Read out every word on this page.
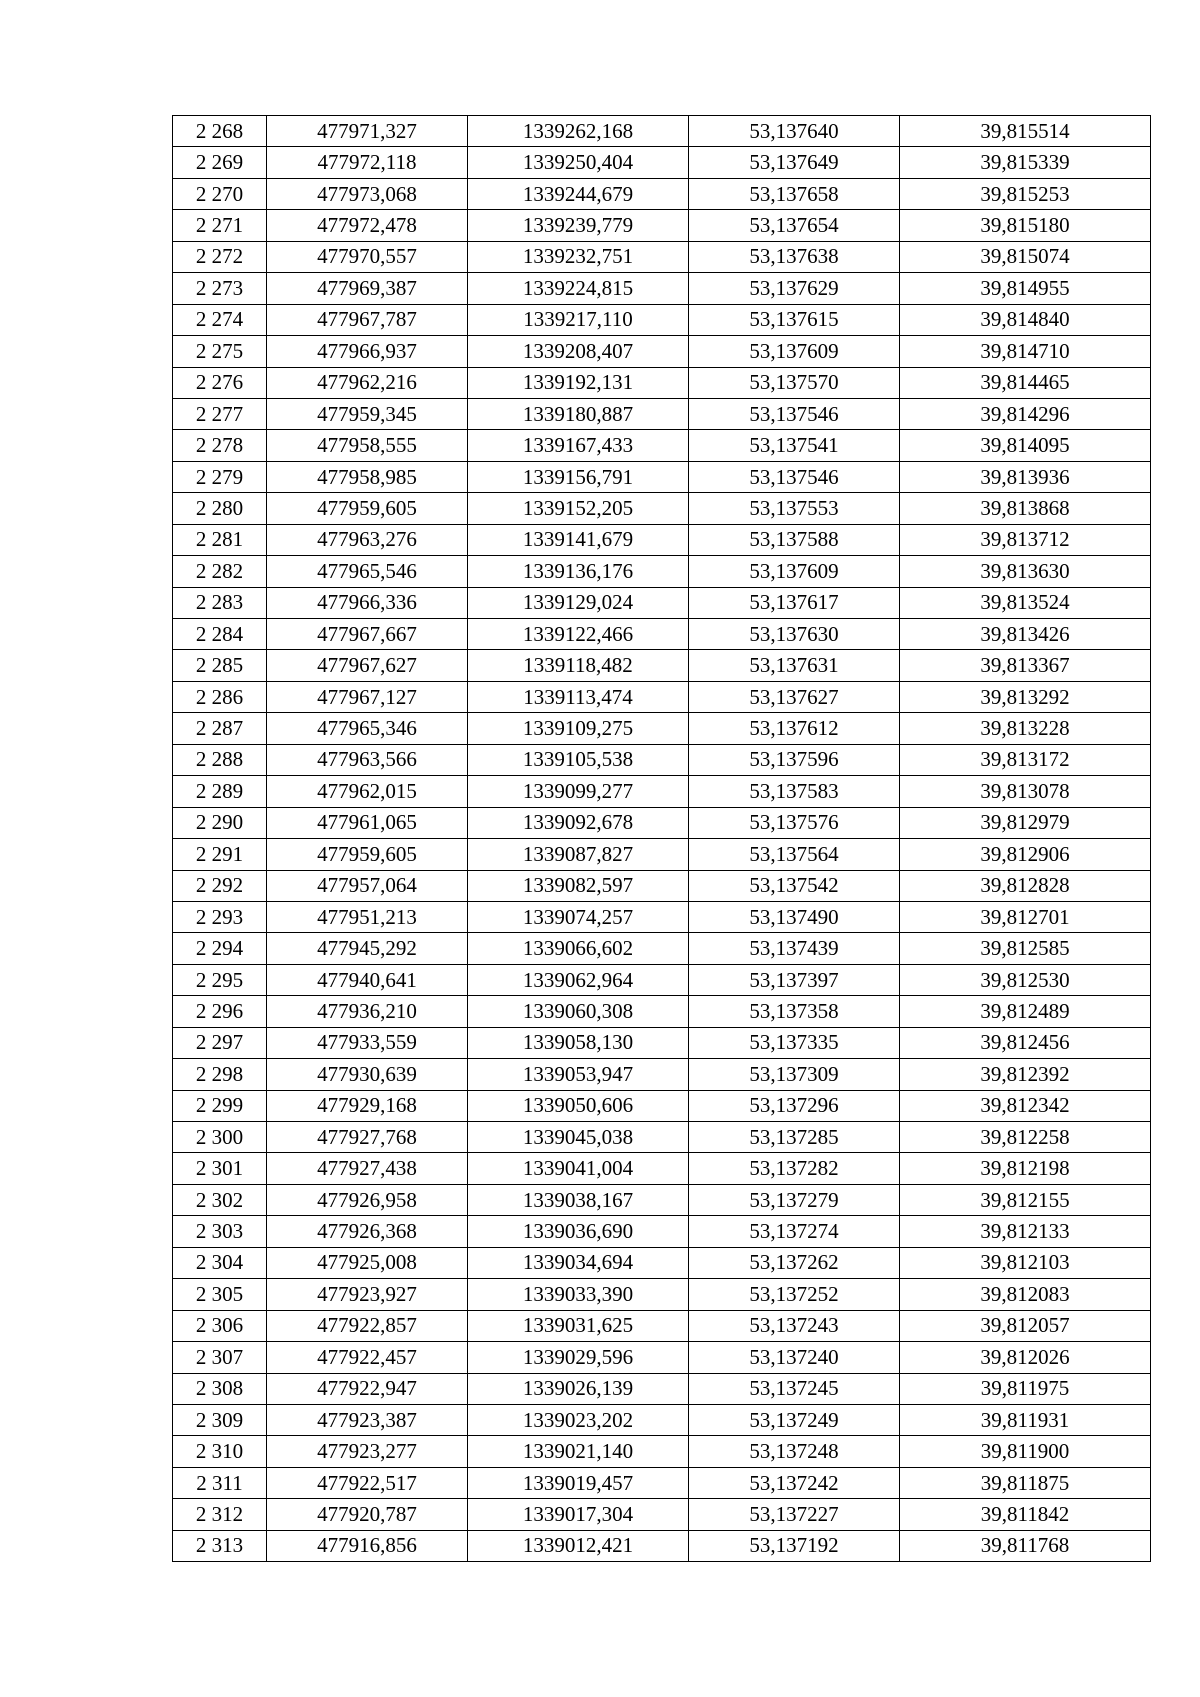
2 268	477971,327	1339262,168	53,137640	39,815514
2 269	477972,118	1339250,404	53,137649	39,815339
2 270	477973,068	1339244,679	53,137658	39,815253
2 271	477972,478	1339239,779	53,137654	39,815180
2 272	477970,557	1339232,751	53,137638	39,815074
2 273	477969,387	1339224,815	53,137629	39,814955
2 274	477967,787	1339217,110	53,137615	39,814840
2 275	477966,937	1339208,407	53,137609	39,814710
2 276	477962,216	1339192,131	53,137570	39,814465
2 277	477959,345	1339180,887	53,137546	39,814296
2 278	477958,555	1339167,433	53,137541	39,814095
2 279	477958,985	1339156,791	53,137546	39,813936
2 280	477959,605	1339152,205	53,137553	39,813868
2 281	477963,276	1339141,679	53,137588	39,813712
2 282	477965,546	1339136,176	53,137609	39,813630
2 283	477966,336	1339129,024	53,137617	39,813524
2 284	477967,667	1339122,466	53,137630	39,813426
2 285	477967,627	1339118,482	53,137631	39,813367
2 286	477967,127	1339113,474	53,137627	39,813292
2 287	477965,346	1339109,275	53,137612	39,813228
2 288	477963,566	1339105,538	53,137596	39,813172
2 289	477962,015	1339099,277	53,137583	39,813078
2 290	477961,065	1339092,678	53,137576	39,812979
2 291	477959,605	1339087,827	53,137564	39,812906
2 292	477957,064	1339082,597	53,137542	39,812828
2 293	477951,213	1339074,257	53,137490	39,812701
2 294	477945,292	1339066,602	53,137439	39,812585
2 295	477940,641	1339062,964	53,137397	39,812530
2 296	477936,210	1339060,308	53,137358	39,812489
2 297	477933,559	1339058,130	53,137335	39,812456
2 298	477930,639	1339053,947	53,137309	39,812392
2 299	477929,168	1339050,606	53,137296	39,812342
2 300	477927,768	1339045,038	53,137285	39,812258
2 301	477927,438	1339041,004	53,137282	39,812198
2 302	477926,958	1339038,167	53,137279	39,812155
2 303	477926,368	1339036,690	53,137274	39,812133
2 304	477925,008	1339034,694	53,137262	39,812103
2 305	477923,927	1339033,390	53,137252	39,812083
2 306	477922,857	1339031,625	53,137243	39,812057
2 307	477922,457	1339029,596	53,137240	39,812026
2 308	477922,947	1339026,139	53,137245	39,811975
2 309	477923,387	1339023,202	53,137249	39,811931
2 310	477923,277	1339021,140	53,137248	39,811900
2 311	477922,517	1339019,457	53,137242	39,811875
2 312	477920,787	1339017,304	53,137227	39,811842
2 313	477916,856	1339012,421	53,137192	39,811768
